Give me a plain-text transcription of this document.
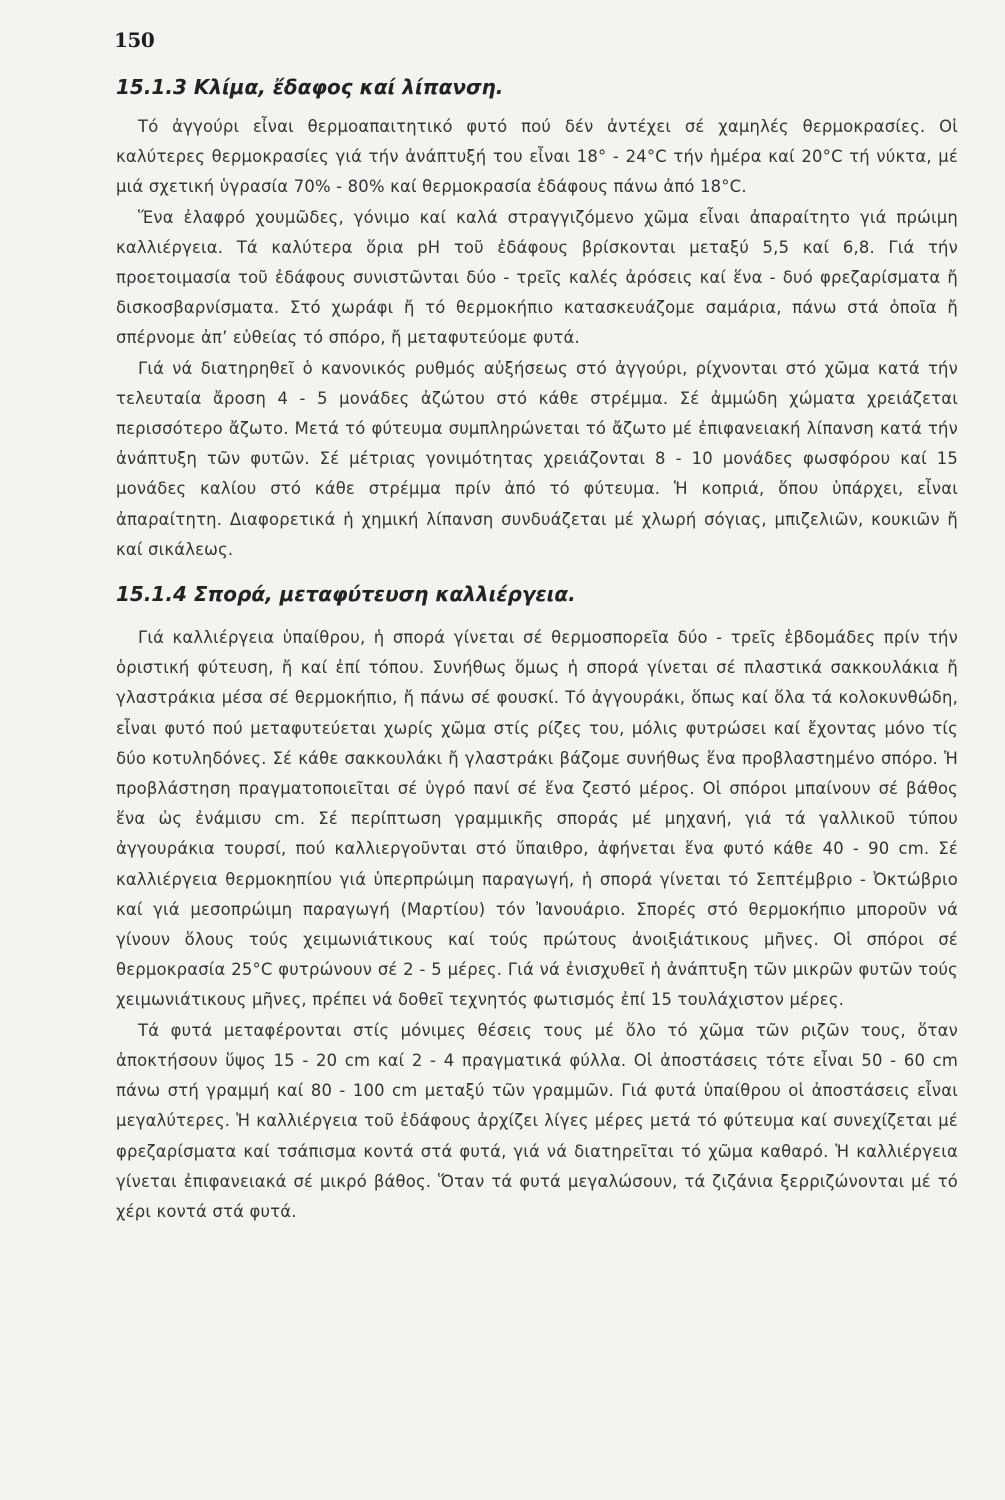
150
15.1.3 Κλίμα, ἔδαφος καί λίπανση.

Τό ἀγγούρι εἶναι θερμοαπαιτητικό φυτό πού δέν ἀντέχει σέ χαμηλές θερμοκρασίες. Οἱ καλύτερες θερμοκρασίες γιά τήν ἀνάπτυξή του εἶναι 18° - 24°C τήν ἡμέρα καί 20°C τή νύκτα, μέ μιά σχετική ὑγρασία 70% - 80% καί θερμοκρασία ἐδάφους πάνω ἀπό 18°C.

Ἕνα ἐλαφρό χουμῶδες, γόνιμο καί καλά στραγγιζόμενο χῶμα εἶναι ἀπαραίτητο γιά πρώιμη καλλιέργεια. Τά καλύτερα ὅρια pH τοῦ ἐδάφους βρίσκονται μεταξύ 5,5 καί 6,8. Γιά τήν προετοιμασία τοῦ ἐδάφους συνιστῶνται δύο - τρεῖς καλές ἀρόσεις καί ἕνα - δυό φρεζαρίσματα ἤ δισκοσβαρνίσματα. Στό χωράφι ἤ τό θερμοκήπιο κατασκευάζομε σαμάρια, πάνω στά ὁποῖα ἤ σπέρνομε ἀπ’ εὐθείας τό σπόρο, ἤ μεταφυτεύομε φυτά.

Γιά νά διατηρηθεῖ ὁ κανονικός ρυθμός αὐξήσεως στό ἀγγούρι, ρίχνονται στό χῶμα κατά τήν τελευταία ἄροση 4 - 5 μονάδες ἀζώτου στό κάθε στρέμμα. Σέ ἀμμώδη χώματα χρειάζεται περισσότερο ἄζωτο. Μετά τό φύτευμα συμπληρώνεται τό ἄζωτο μέ ἐπιφανειακή λίπανση κατά τήν ἀνάπτυξη τῶν φυτῶν. Σέ μέτριας γονιμότητας χρειάζονται 8 - 10 μονάδες φωσφόρου καί 15 μονάδες καλίου στό κάθε στρέμμα πρίν ἀπό τό φύτευμα. Ἡ κοπριά, ὅπου ὑπάρχει, εἶναι ἀπαραίτητη. Διαφορετικά ἡ χημική λίπανση συνδυάζεται μέ χλωρή σόγιας, μπιζελιῶν, κουκιῶν ἤ καί σικάλεως.

15.1.4 Σπορά, μεταφύτευση καλλιέργεια.

Γιά καλλιέργεια ὑπαίθρου, ἡ σπορά γίνεται σέ θερμοσπορεῖα δύο - τρεῖς ἑβδομάδες πρίν τήν ὁριστική φύτευση, ἤ καί ἐπί τόπου. Συνήθως ὅμως ἡ σπορά γίνεται σέ πλαστικά σακκουλάκια ἤ γλαστράκια μέσα σέ θερμοκήπιο, ἤ πάνω σέ φουσκί. Τό ἀγγουράκι, ὅπως καί ὅλα τά κολοκυνθώδη, εἶναι φυτό πού μεταφυτεύεται χωρίς χῶμα στίς ρίζες του, μόλις φυτρώσει καί ἔχοντας μόνο τίς δύο κοτυληδόνες. Σέ κάθε σακκουλάκι ἤ γλαστράκι βάζομε συνήθως ἕνα προβλαστημένο σπόρο. Ἡ προβλάστηση πραγματοποιεῖται σέ ὑγρό πανί σέ ἕνα ζεστό μέρος. Οἱ σπόροι μπαίνουν σέ βάθος ἕνα ὡς ἐνάμισυ cm. Σέ περίπτωση γραμμικῆς σποράς μέ μηχανή, γιά τά γαλλικοῦ τύπου ἀγγουράκια τουρσί, πού καλλιεργοῦνται στό ὕπαιθρο, ἀφήνεται ἕνα φυτό κάθε 40 - 90 cm. Σέ καλλιέργεια θερμοκηπίου γιά ὑπερπρώιμη παραγωγή, ἡ σπορά γίνεται τό Σεπτέμβριο - Ὀκτώβριο καί γιά μεσοπρώιμη παραγωγή (Μαρτίου) τόν Ἰανουάριο. Σπορές στό θερμοκήπιο μποροῦν νά γίνουν ὅλους τούς χειμωνιάτικους καί τούς πρώτους ἀνοιξιάτικους μῆνες. Οἱ σπόροι σέ θερμοκρασία 25°C φυτρώνουν σέ 2 - 5 μέρες. Γιά νά ἐνισχυθεῖ ἡ ἀνάπτυξη τῶν μικρῶν φυτῶν τούς χειμωνιάτικους μῆνες, πρέπει νά δοθεῖ τεχνητός φωτισμός ἐπί 15 τουλάχιστον μέρες.

Τά φυτά μεταφέρονται στίς μόνιμες θέσεις τους μέ ὅλο τό χῶμα τῶν ριζῶν τους, ὅταν ἀποκτήσουν ὕψος 15 - 20 cm καί 2 - 4 πραγματικά φύλλα. Οἱ ἀποστάσεις τότε εἶναι 50 - 60 cm πάνω στή γραμμή καί 80 - 100 cm μεταξύ τῶν γραμμῶν. Γιά φυτά ὑπαίθρου οἱ ἀποστάσεις εἶναι μεγαλύτερες. Ἡ καλλιέργεια τοῦ ἐδάφους ἀρχίζει λίγες μέρες μετά τό φύτευμα καί συνεχίζεται μέ φρεζαρίσματα καί τσάπισμα κοντά στά φυτά, γιά νά διατηρεῖται τό χῶμα καθαρό. Ἡ καλλιέργεια γίνεται ἐπιφανειακά σέ μικρό βάθος. Ὅταν τά φυτά μεγαλώσουν, τά ζιζάνια ξερριζώνονται μέ τό χέρι κοντά στά φυτά.
